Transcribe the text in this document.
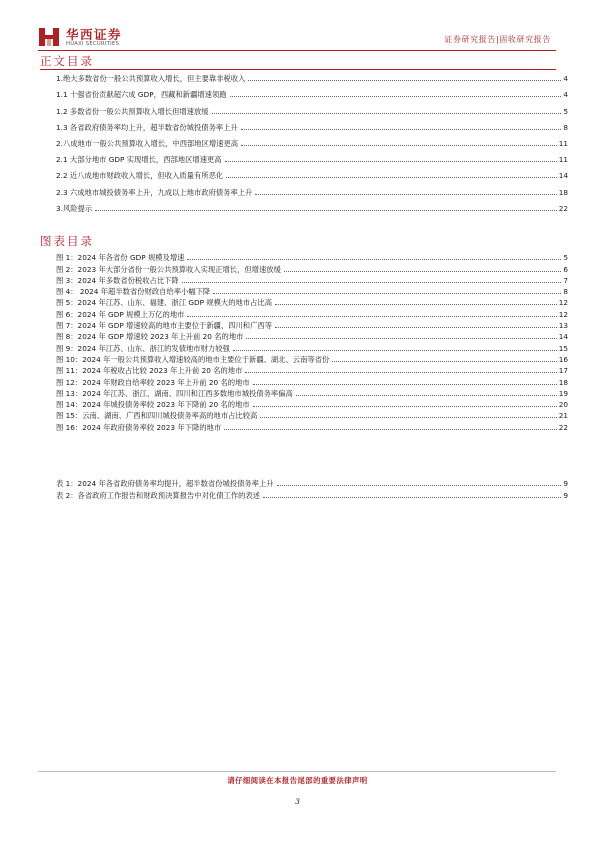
华西证券
HUAXI SECURITIES	证券研究报告|固收研究报告
正文目录
1.绝大多数省份一般公共预算收入增长，但主要靠非税收入	4
1.1 十强省份贡献超六成 GDP，西藏和新疆增速领跑	4
1.2 多数省份一般公共预算收入增长但增速放缓	5
1.3 各省政府债务率均上升，超半数省份城投债务率上升	8
2.八成地市一般公共预算收入增长，中西部地区增速更高	11
2.1 大部分地市 GDP 实现增长，西部地区增速更高	11
2.2 近八成地市财政收入增长，但收入质量有所恶化	14
2.3 六成地市城投债务率上升，九成以上地市政府债务率上升	18
3.风险提示	22
图表目录
图 1：2024 年各省份 GDP 规模及增速	5
图 2：2023 年大部分省份一般公共预算收入实现正增长，但增速放缓	6
图 3：2024 年多数省份税收占比下降	7
图 4： 2024 年超半数省份财政自给率小幅下降	8
图 5：2024 年江苏、山东、福建、浙江 GDP 规模大的地市占比高	12
图 6：2024 年 GDP 规模上万亿的地市	12
图 7：2024 年 GDP 增速较高的地市主要位于新疆、四川和广西等	13
图 8：2024 年 GDP 增速较 2023 年上升前 20 名的地市	14
图 9：2024 年江苏、山东、浙江的发债地市财力较强	15
图 10：2024 年一般公共预算收入增速较高的地市主要位于新疆、湖北、云南等省份	16
图 11：2024 年税收占比较 2023 年上升前 20 名的地市	17
图 12：2024 年财政自给率较 2023 年上升前 20 名的地市	18
图 13：2024 年江苏、浙江、湖南、四川和江西多数地市城投债务率偏高	19
图 14：2024 年城投债务率较 2023 年下降前 20 名的地市	20
图 15：云南、湖南、广西和四川城投债务率高的地市占比较高	21
图 16：2024 年政府债务率较 2023 年下降的地市	22
表 1：2024 年各省政府债务率均提升，超半数省份城投债务率上升	9
表 2：各省政府工作报告和财政预决算报告中对化债工作的表述	9
请仔细阅读在本报告尾部的重要法律声明
3
